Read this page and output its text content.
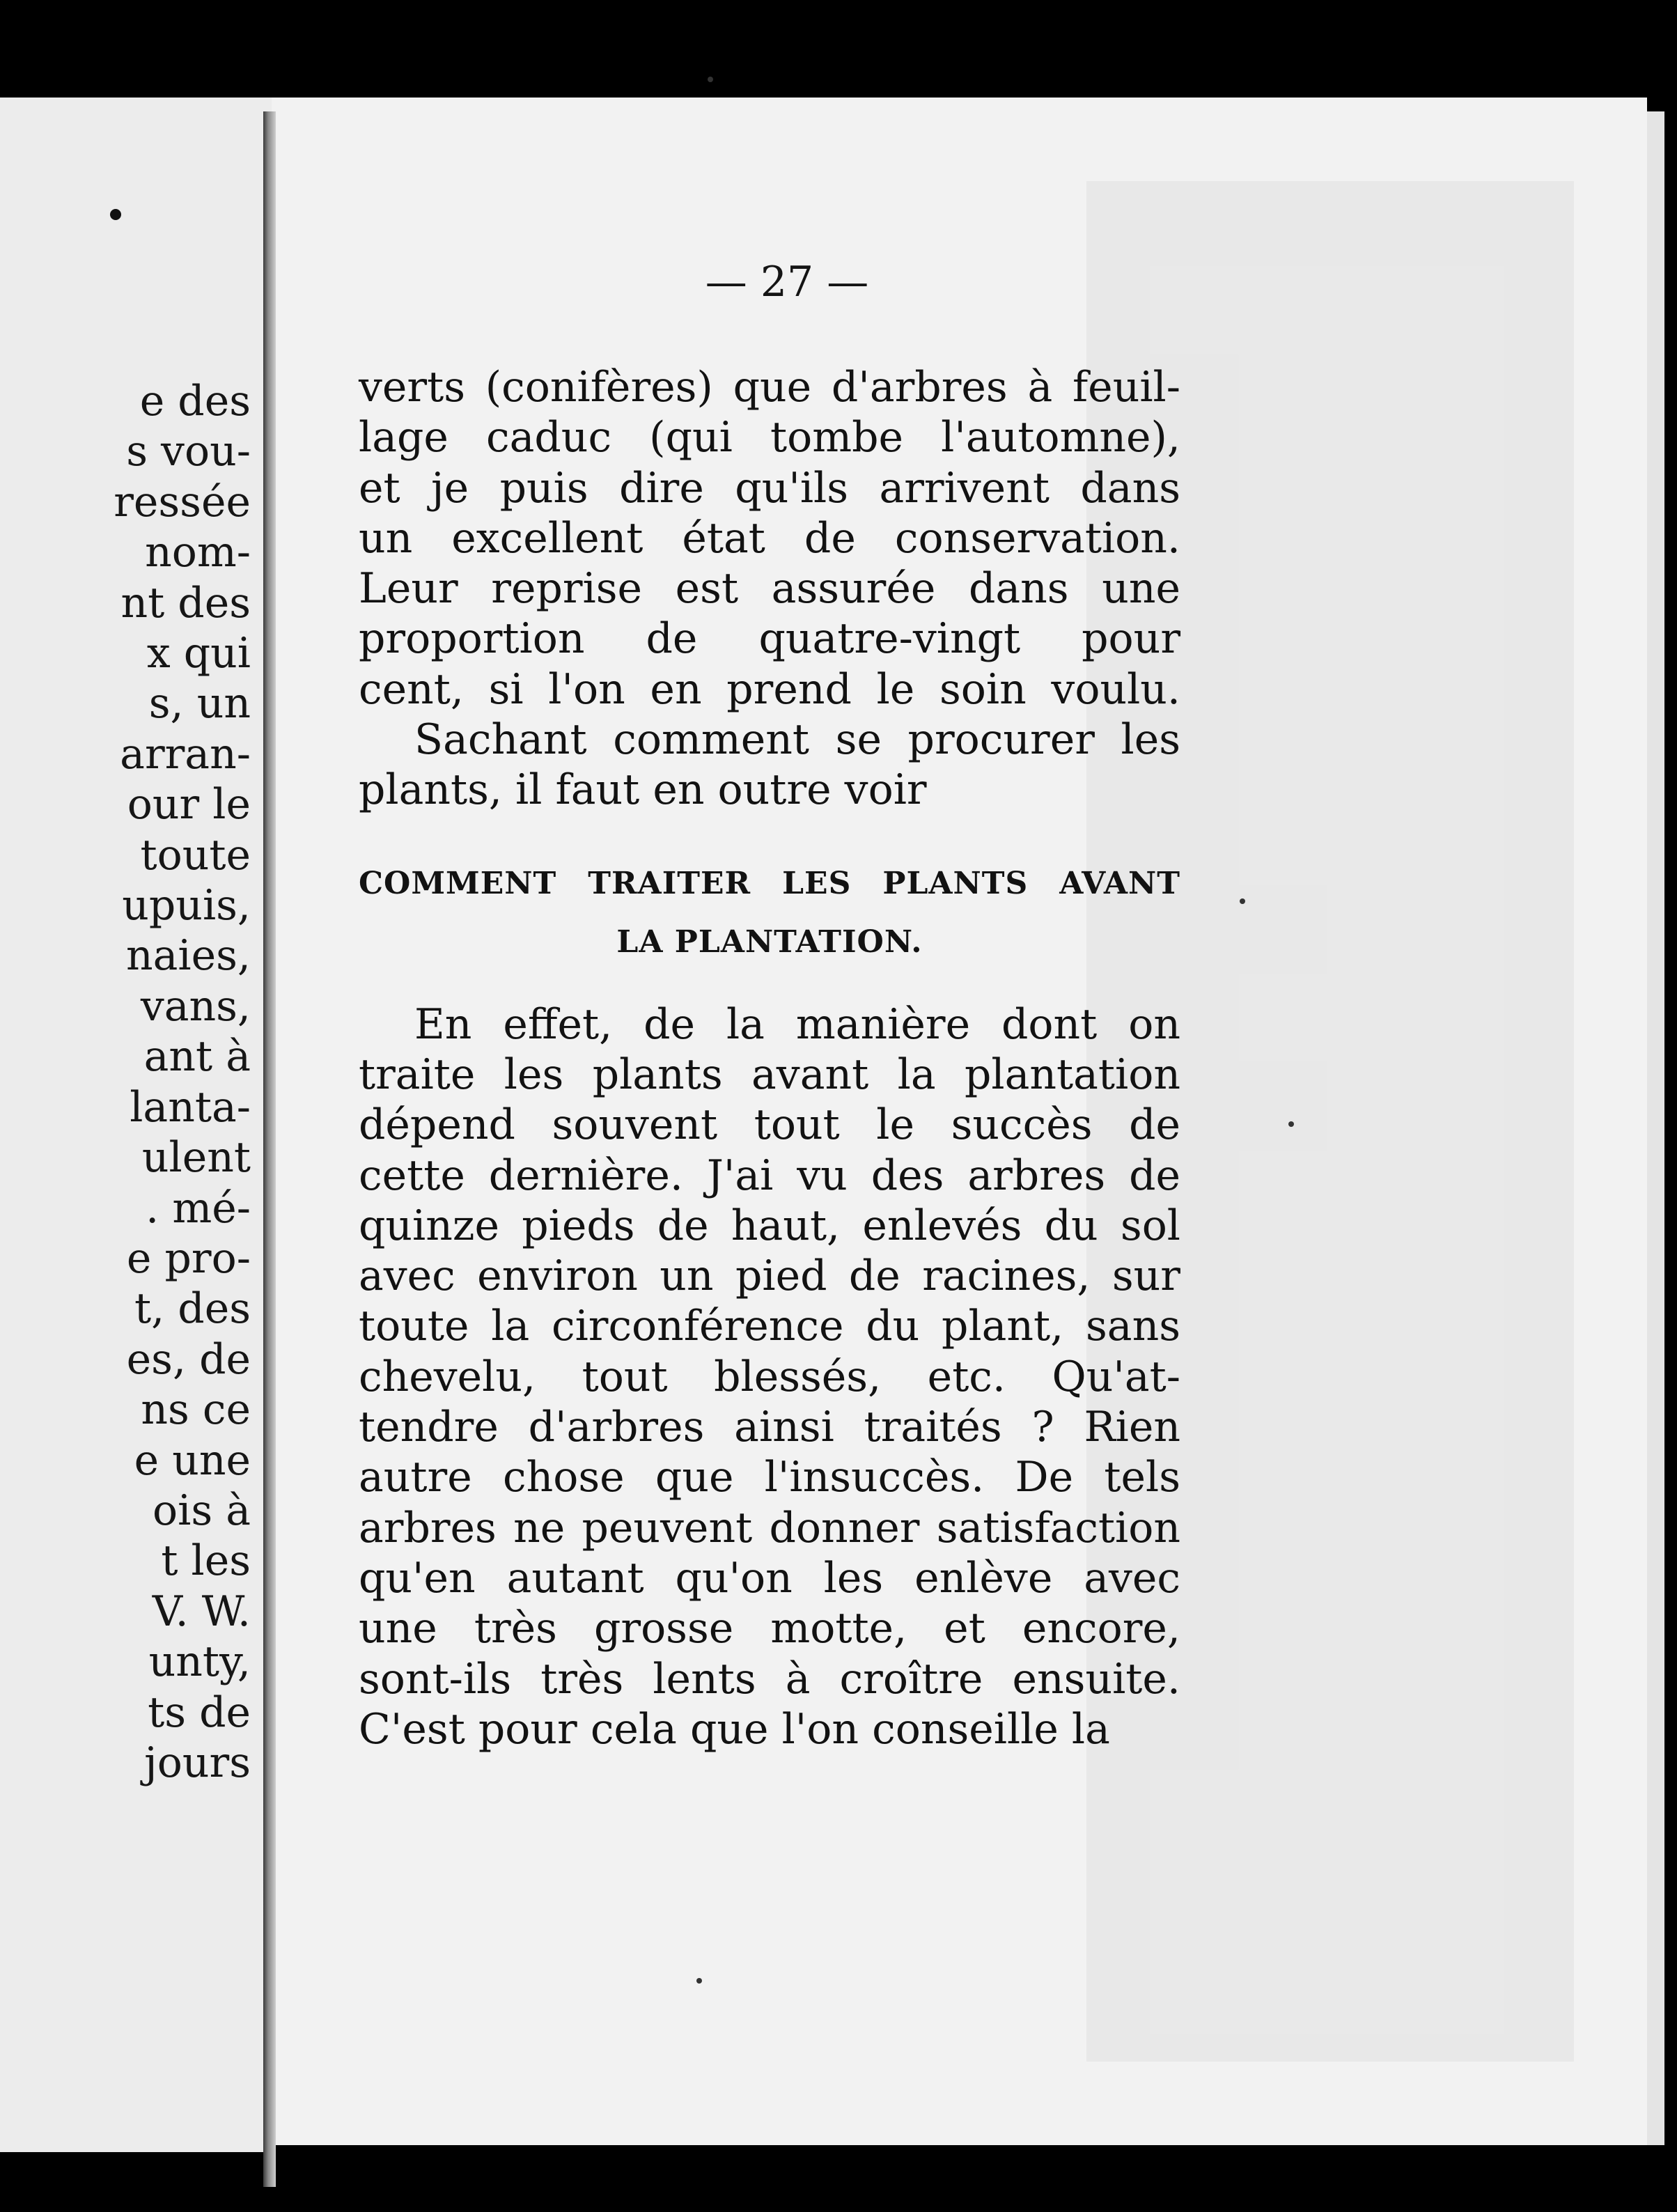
e des
s vou-
ressée
nom-
nt des
x qui
s, un
arran-
our le
toute
upuis,
naies,
vans,
ant à
lanta-
ulent
. mé-
e pro-
t, des
es, de
ns ce
e une
ois à
t les
V. W.
unty,
ts de
jours
— 27 —

verts (conifères) que d'arbres à feuil-
lage caduc (qui tombe l'automne),
et je puis dire qu'ils arrivent dans
un excellent état de conservation.
Leur reprise est assurée dans une
proportion de quatre-vingt pour
cent, si l'on en prend le soin voulu.

Sachant comment se procurer les
plants, il faut en outre voir

COMMENT TRAITER LES PLANTS AVANT
LA PLANTATION.

En effet, de la manière dont on
traite les plants avant la plantation
dépend souvent tout le succès de
cette dernière. J'ai vu des arbres de
quinze pieds de haut, enlevés du sol
avec environ un pied de racines, sur
toute la circonférence du plant, sans
chevelu, tout blessés, etc. Qu'at-
tendre d'arbres ainsi traités ? Rien
autre chose que l'insuccès. De tels
arbres ne peuvent donner satisfaction
qu'en autant qu'on les enlève avec
une très grosse motte, et encore,
sont-ils très lents à croître ensuite.
C'est pour cela que l'on conseille la
